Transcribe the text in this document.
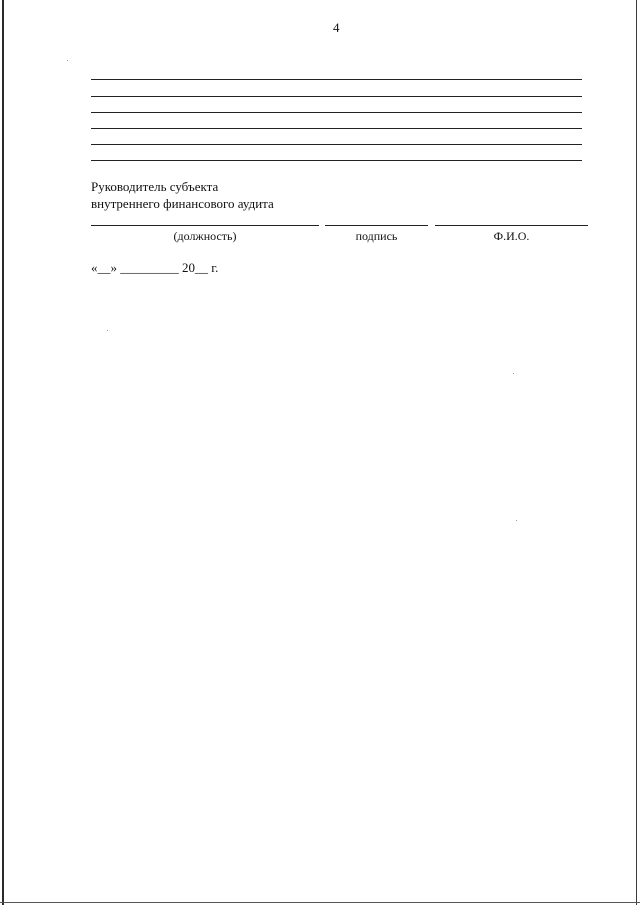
4
Руководитель субъекта
внутреннего финансового аудита
(должность)	подпись	Ф.И.О.
«__» _________ 20__ г.
